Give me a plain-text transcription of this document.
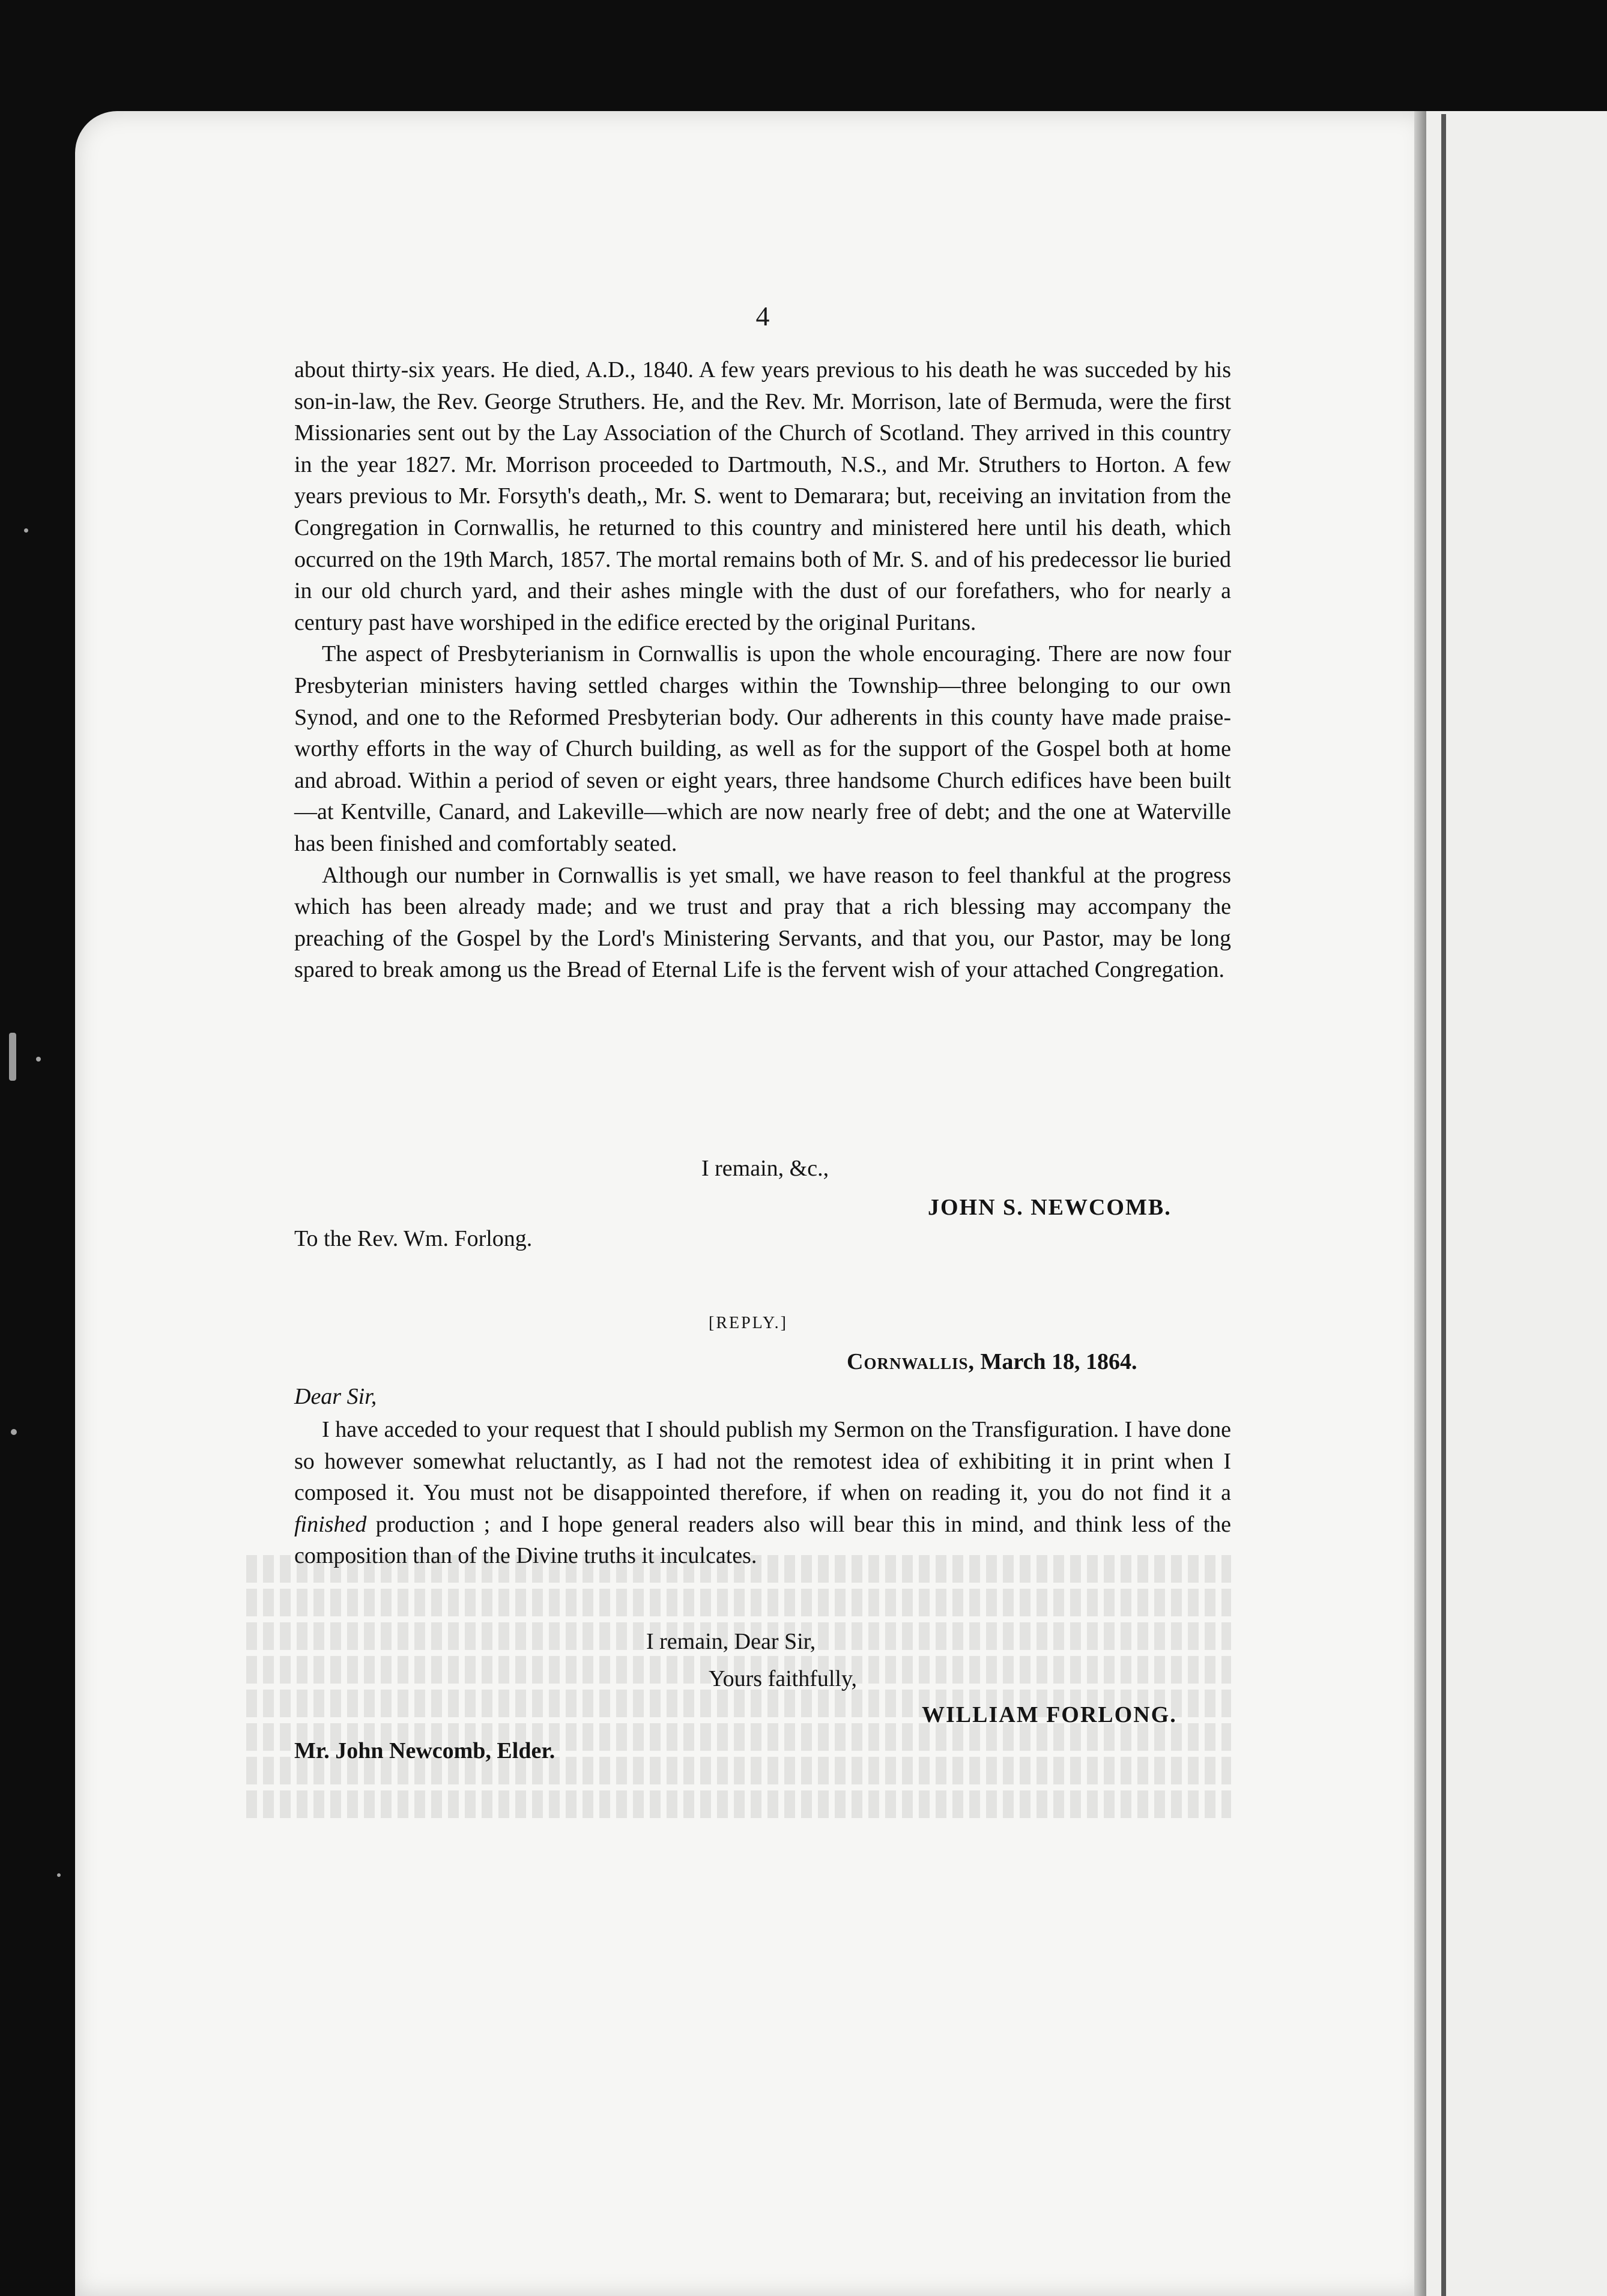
4

about thirty-six years. He died, A.D., 1840. A few years previous to his death he was succeded by his son-in-law, the Rev. George Struthers. He, and the Rev. Mr. Morrison, late of Bermuda, were the first Missionaries sent out by the Lay Association of the Church of Scotland. They arrived in this country in the year 1827. Mr. Morrison proceeded to Dartmouth, N.S., and Mr. Struthers to Horton. A few years previous to Mr. Forsyth's death,, Mr. S. went to Demarara; but, receiving an invitation from the Congregation in Cornwallis, he returned to this country and ministered here until his death, which occurred on the 19th March, 1857. The mortal remains both of Mr. S. and of his predecessor lie buried in our old church yard, and their ashes mingle with the dust of our forefathers, who for nearly a century past have worshiped in the edifice erected by the original Puritans.

The aspect of Presbyterianism in Cornwallis is upon the whole encouraging. There are now four Presbyterian ministers having settled charges within the Township—three belonging to our own Synod, and one to the Reformed Presbyterian body. Our adherents in this county have made praise-worthy efforts in the way of Church building, as well as for the support of the Gospel both at home and abroad. Within a period of seven or eight years, three handsome Church edifices have been built—at Kentville, Canard, and Lakeville—which are now nearly free of debt; and the one at Waterville has been finished and comfortably seated.

Although our number in Cornwallis is yet small, we have reason to feel thankful at the progress which has been already made; and we trust and pray that a rich blessing may accompany the preaching of the Gospel by the Lord's Ministering Servants, and that you, our Pastor, may be long spared to break among us the Bread of Eternal Life is the fervent wish of your attached Congregation.

I remain, &c.,
JOHN S. NEWCOMB.
To the Rev. Wm. Forlong.
[REPLY.]
Cornwallis, March 18, 1864.
Dear Sir,

I have acceded to your request that I should publish my Sermon on the Transfiguration. I have done so however somewhat reluctantly, as I had not the remotest idea of exhibiting it in print when I composed it. You must not be disappointed therefore, if when on reading it, you do not find it a finished production ; and I hope general readers also will bear this in mind, and think less of the composition than of the Divine truths it inculcates.

I remain, Dear Sir,
Yours faithfully,
WILLIAM FORLONG.
Mr. John Newcomb, Elder.
